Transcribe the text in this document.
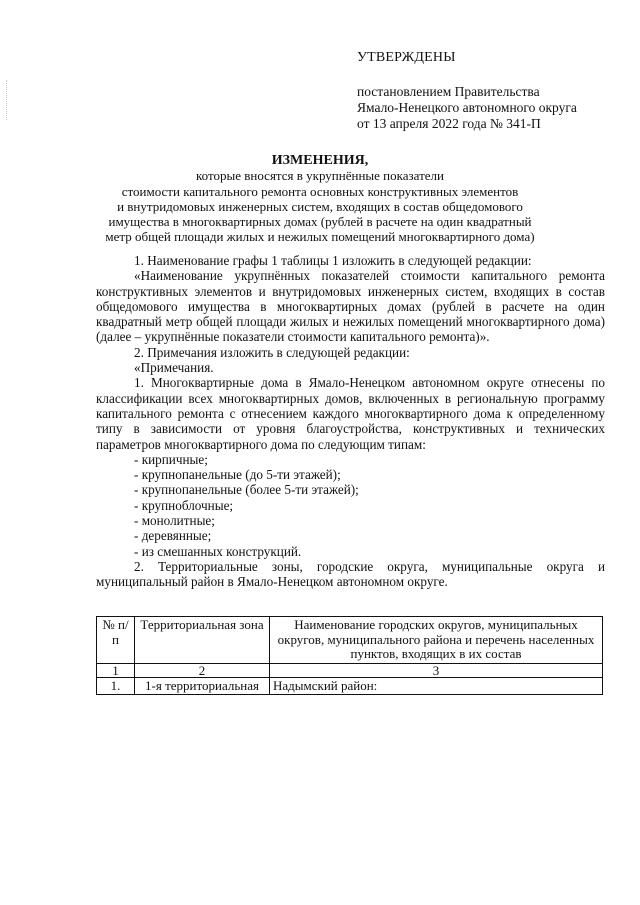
УТВЕРЖДЕНЫ
постановлением Правительства
Ямало-Ненецкого автономного округа
от 13 апреля 2022 года № 341-П
ИЗМЕНЕНИЯ,
которые вносятся в укрупнённые показатели
стоимости капитального ремонта основных конструктивных элементов
и внутридомовых инженерных систем, входящих в состав общедомового
имущества в многоквартирных домах (рублей в расчете на один квадратный
метр общей площади жилых и нежилых помещений многоквартирного дома)

1. Наименование графы 1 таблицы 1 изложить в следующей редакции:

«Наименование укрупнённых показателей стоимости капитального ремонта конструктивных элементов и внутридомовых инженерных систем, входящих в состав общедомового имущества в многоквартирных домах (рублей в расчете на один квадратный метр общей площади жилых и нежилых помещений многоквартирного дома) (далее – укрупнённые показатели стоимости капитального ремонта)».

2. Примечания изложить в следующей редакции:

«Примечания.

1. Многоквартирные дома в Ямало-Ненецком автономном округе отнесены по классификации всех многоквартирных домов, включенных в региональную программу капитального ремонта с отнесением каждого многоквартирного дома к определенному типу в зависимости от уровня благоустройства, конструктивных и технических параметров многоквартирного дома по следующим типам:

- кирпичные;

- крупнопанельные (до 5-ти этажей);

- крупнопанельные (более 5-ти этажей);

- крупноблочные;

- монолитные;

- деревянные;

- из смешанных конструкций.

2. Территориальные зоны, городские округа, муниципальные округа и муниципальный район в Ямало-Ненецком автономном округе.

№ п/п	Территориальная зона	Наименование городских округов, муниципальных округов, муниципального района и перечень населенных пунктов, входящих в их состав
1	2	3
1.	1-я территориальная	Надымский район:
